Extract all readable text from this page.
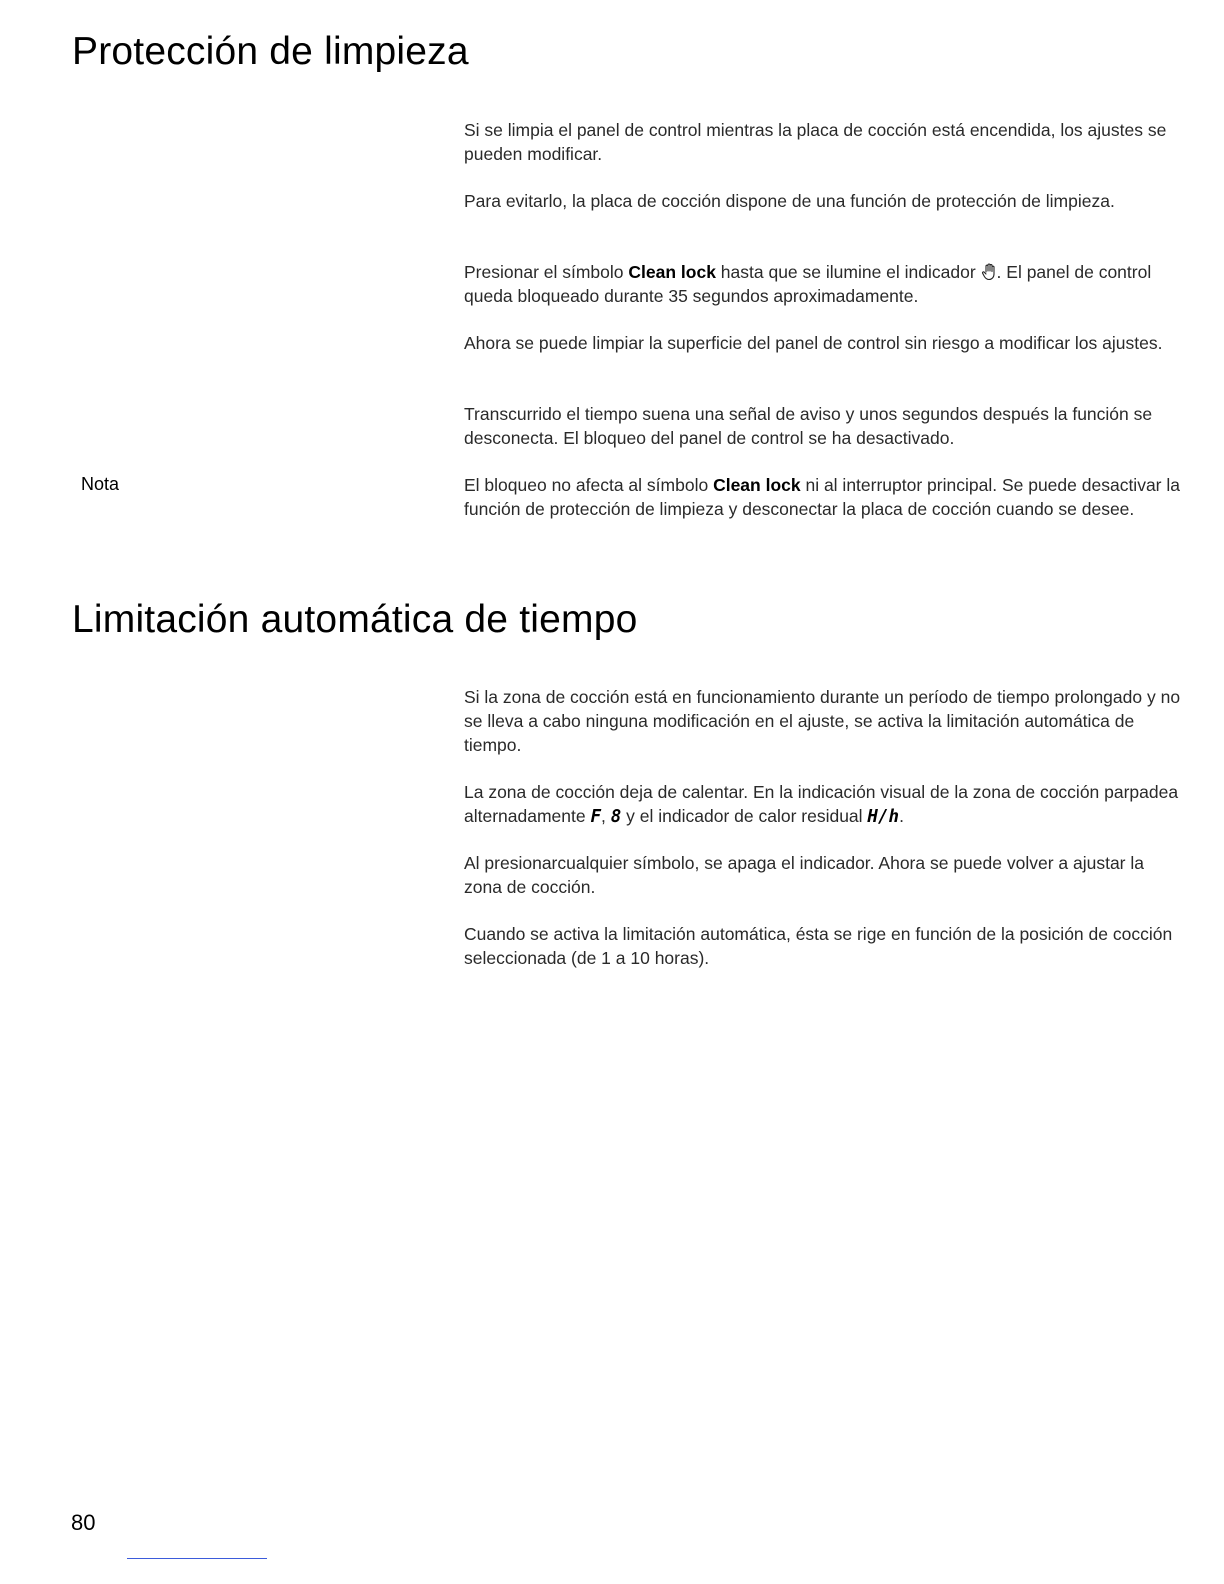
Protección de limpieza

Si se limpia el panel de control mientras la placa de cocción está encendida, los ajustes se pueden modificar.

Para evitarlo, la placa de cocción dispone de una función de protección de limpieza.

Presionar el símbolo Clean lock hasta que se ilumine el indicador . El panel de control queda bloqueado durante 35 segundos aproximadamente.

Ahora se puede limpiar la superficie del panel de control sin riesgo a modificar los ajustes.

Transcurrido el tiempo suena una señal de aviso y unos segundos después la función se desconecta. El bloqueo del panel de control se ha desactivado.

Nota	El bloqueo no afecta al símbolo Clean lock ni al interruptor principal. Se puede desactivar la función de protección de limpieza y desconectar la placa de cocción cuando se desee.

Limitación automática de tiempo

Si la zona de cocción está en funcionamiento durante un período de tiempo prolongado y no se lleva a cabo ninguna modificación en el ajuste, se activa la limitación automática de tiempo.

La zona de cocción deja de calentar. En la indicación visual de la zona de cocción parpadea alternadamente F, 8 y el indicador de calor residual H/h.

Al presionarcualquier símbolo, se apaga el indicador. Ahora se puede volver a ajustar la zona de cocción.

Cuando se activa la limitación automática, ésta se rige en función de la posición de cocción seleccionada (de 1 a 10 horas).

80
